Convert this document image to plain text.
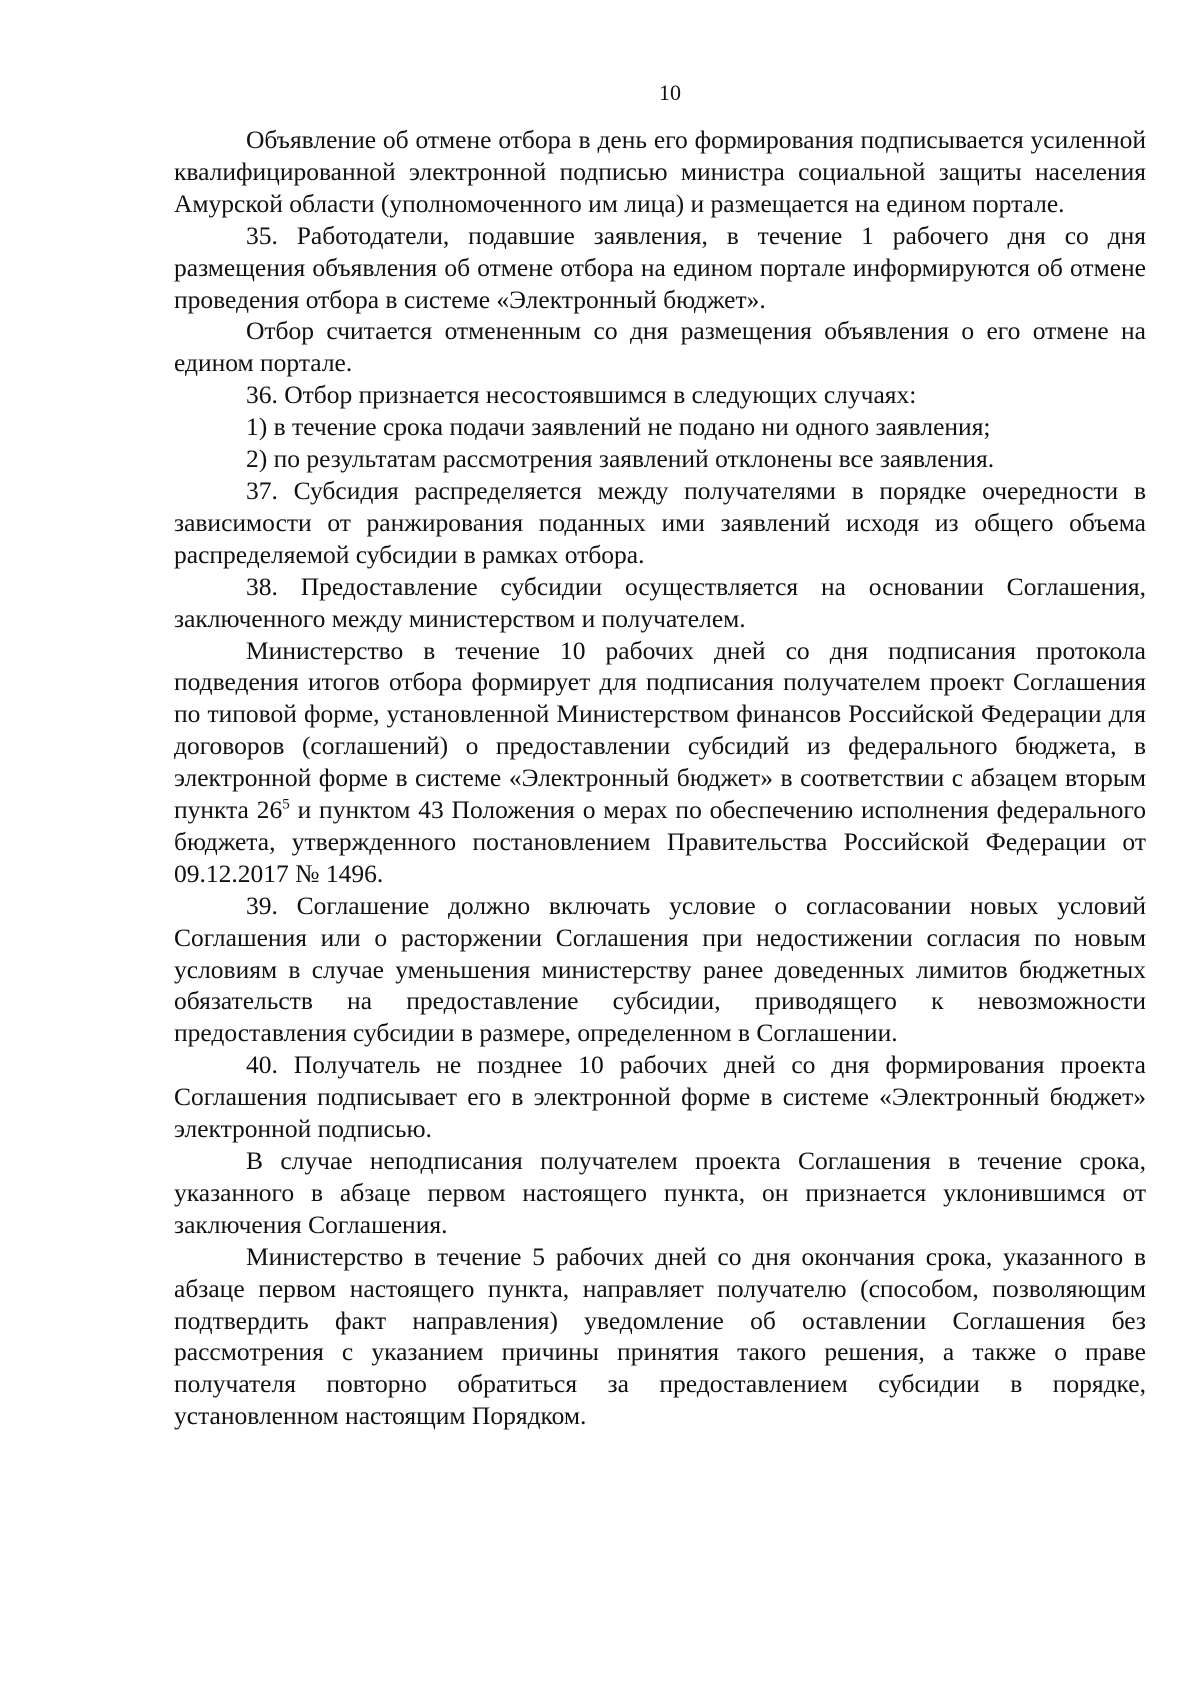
10

Объявление об отмене отбора в день его формирования подписывается усиленной квалифицированной электронной подписью министра социальной защиты населения Амурской области (уполномоченного им лица) и размещается на едином портале.

35. Работодатели, подавшие заявления, в течение 1 рабочего дня со дня размещения объявления об отмене отбора на едином портале информируются об отмене проведения отбора в системе «Электронный бюджет».

Отбор считается отмененным со дня размещения объявления о его отмене на едином портале.

36. Отбор признается несостоявшимся в следующих случаях:

1) в течение срока подачи заявлений не подано ни одного заявления;

2) по результатам рассмотрения заявлений отклонены все заявления.

37. Субсидия распределяется между получателями в порядке очередности в зависимости от ранжирования поданных ими заявлений исходя из общего объема распределяемой субсидии в рамках отбора.

38. Предоставление субсидии осуществляется на основании Соглашения, заключенного между министерством и получателем.

Министерство в течение 10 рабочих дней со дня подписания протокола подведения итогов отбора формирует для подписания получателем проект Соглашения по типовой форме, установленной Министерством финансов Российской Федерации для договоров (соглашений) о предоставлении субсидий из федерального бюджета, в электронной форме в системе «Электронный бюджет» в соответствии с абзацем вторым пункта 26$^5$ и пунктом 43 Положения о мерах по обеспечению исполнения федерального бюджета, утвержденного постановлением Правительства Российской Федерации от 09.12.2017 № 1496.

39. Соглашение должно включать условие о согласовании новых условий Соглашения или о расторжении Соглашения при недостижении согласия по новым условиям в случае уменьшения министерству ранее доведенных лимитов бюджетных обязательств на предоставление субсидии, приводящего к невозможности предоставления субсидии в размере, определенном в Соглашении.

40. Получатель не позднее 10 рабочих дней со дня формирования проекта Соглашения подписывает его в электронной форме в системе «Электронный бюджет» электронной подписью.

В случае неподписания получателем проекта Соглашения в течение срока, указанного в абзаце первом настоящего пункта, он признается уклонившимся от заключения Соглашения.

Министерство в течение 5 рабочих дней со дня окончания срока, указанного в абзаце первом настоящего пункта, направляет получателю (способом, позволяющим подтвердить факт направления) уведомление об оставлении Соглашения без рассмотрения с указанием причины принятия такого решения, а также о праве получателя повторно обратиться за предоставлением субсидии в порядке, установленном настоящим Порядком.
